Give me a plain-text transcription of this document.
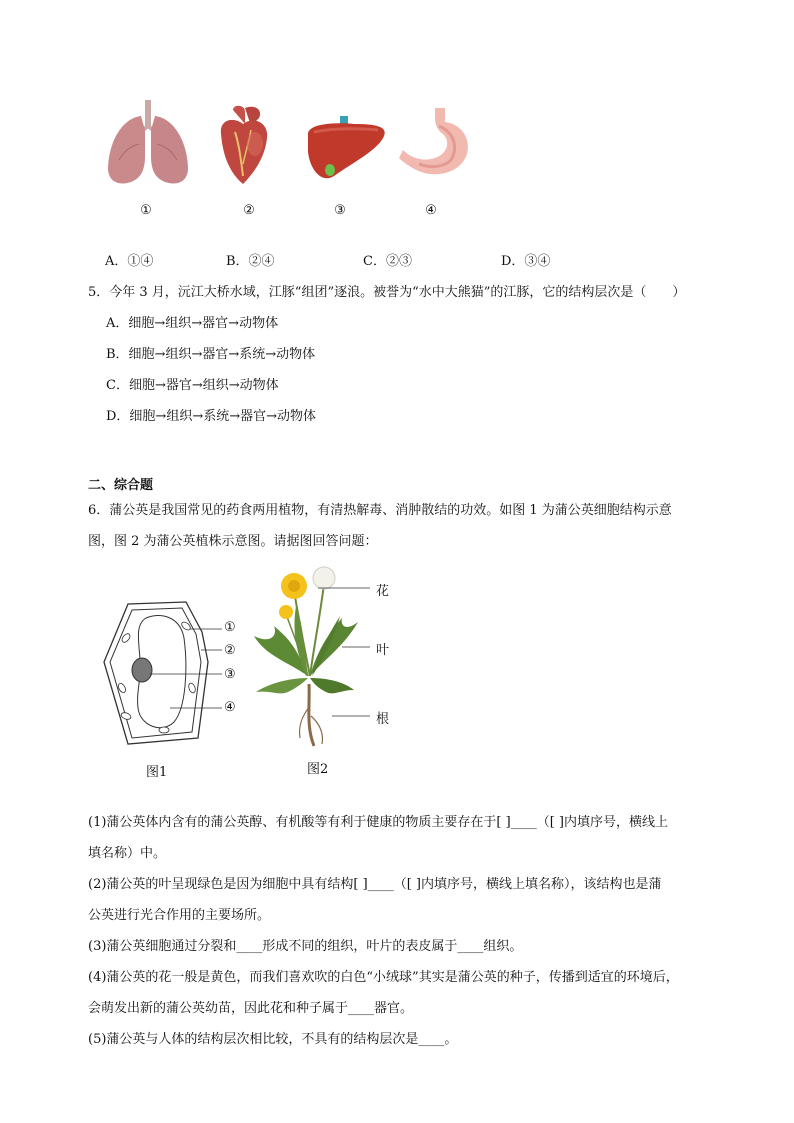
①	②	③	④
A．①④	B．②④	C．②③	D．③④
5．今年 3 月，沅江大桥水域，江豚“组团”逐浪。被誉为“水中大熊猫”的江豚，它的结构层次是（　　）
A．细胞→组织→器官→动物体
B．细胞→组织→器官→系统→动物体
C．细胞→器官→组织→动物体
D．细胞→组织→系统→器官→动物体
二、综合题
6．蒲公英是我国常见的药食两用植物，有清热解毒、消肿散结的功效。如图 1 为蒲公英细胞结构示意
图，图 2 为蒲公英植株示意图。请据图回答问题：
①
②
③
④
图1
花
叶
根
图2
(1)蒲公英体内含有的蒲公英醇、有机酸等有利于健康的物质主要存在于[ ]____（[ ]内填序号，横线上
填名称）中。
(2)蒲公英的叶呈现绿色是因为细胞中具有结构[ ]____（[ ]内填序号，横线上填名称），该结构也是蒲
公英进行光合作用的主要场所。
(3)蒲公英细胞通过分裂和____形成不同的组织，叶片的表皮属于____组织。
(4)蒲公英的花一般是黄色，而我们喜欢吹的白色“小绒球”其实是蒲公英的种子，传播到适宜的环境后，
会萌发出新的蒲公英幼苗，因此花和种子属于____器官。
(5)蒲公英与人体的结构层次相比较，不具有的结构层次是____。
